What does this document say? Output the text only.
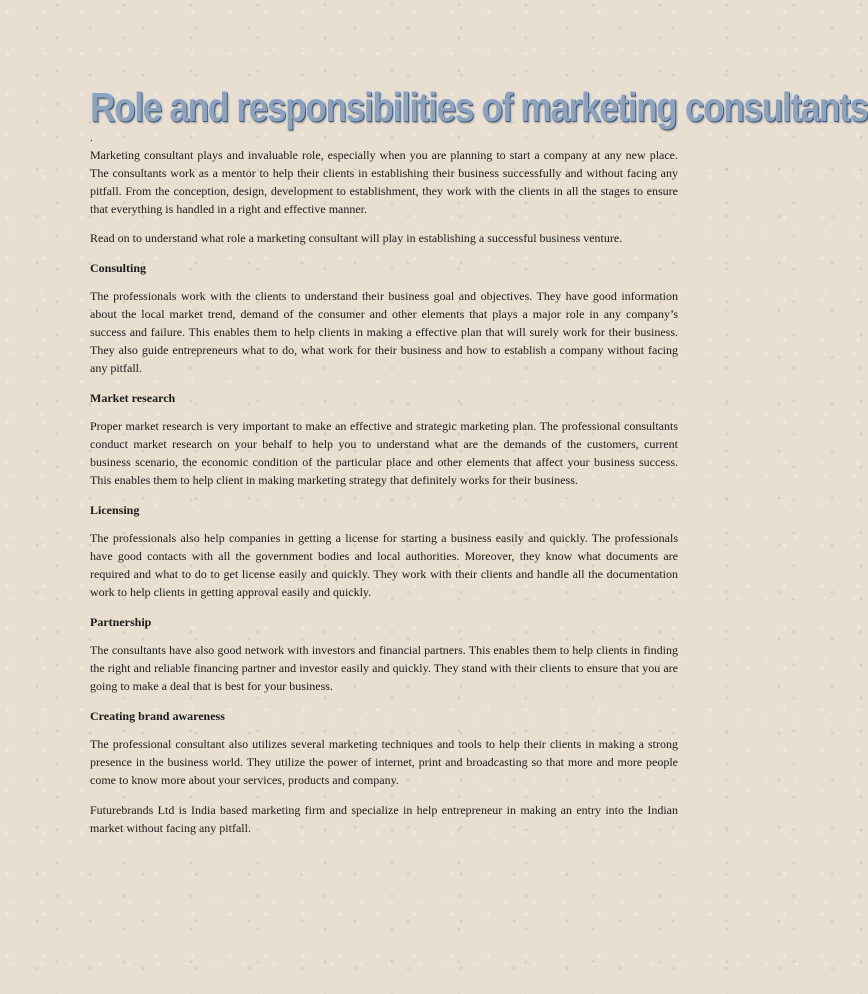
Role and responsibilities of marketing consultants
.

Marketing consultant plays and invaluable role, especially when you are planning to start a company at any new place. The consultants work as a mentor to help their clients in establishing their business successfully and without facing any pitfall. From the conception, design, development to establishment, they work with the clients in all the stages to ensure that everything is handled in a right and effective manner.

Read on to understand what role a marketing consultant will play in establishing a successful business venture.

Consulting

The professionals work with the clients to understand their business goal and objectives. They have good information about the local market trend, demand of the consumer and other elements that plays a major role in any company’s success and failure. This enables them to help clients in making a effective plan that will surely work for their business. They also guide entrepreneurs what to do, what work for their business and how to establish a company without facing any pitfall.

Market research

Proper market research is very important to make an effective and strategic marketing plan. The professional consultants conduct market research on your behalf to help you to understand what are the demands of the customers, current business scenario, the economic condition of the particular place and other elements that affect your business success. This enables them to help client in making marketing strategy that definitely works for their business.

Licensing

The professionals also help companies in getting a license for starting a business easily and quickly. The professionals have good contacts with all the government bodies and local authorities. Moreover, they know what documents are required and what to do to get license easily and quickly. They work with their clients and handle all the documentation work to help clients in getting approval easily and quickly.

Partnership

The consultants have also good network with investors and financial partners. This enables them to help clients in finding the right and reliable financing partner and investor easily and quickly. They stand with their clients to ensure that you are going to make a deal that is best for your business.

Creating brand awareness

The professional consultant also utilizes several marketing techniques and tools to help their clients in making a strong presence in the business world. They utilize the power of internet, print and broadcasting so that more and more people come to know more about your services, products and company.

Futurebrands Ltd is India based marketing firm and specialize in help entrepreneur in making an entry into the Indian market without facing any pitfall.
